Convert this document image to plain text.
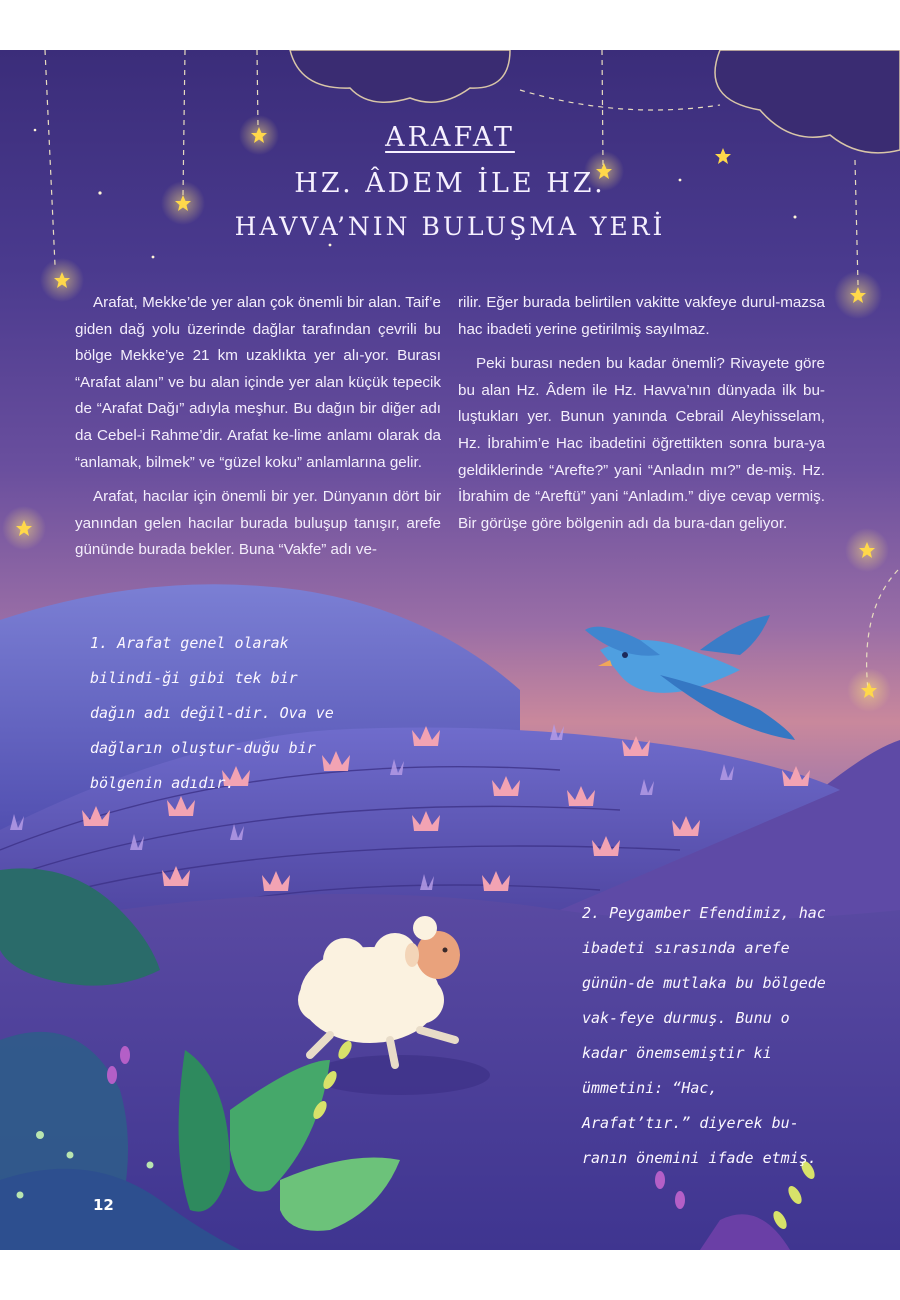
ARAFAT
HZ. ÂDEM İLE HZ.
HAVVA’NIN BULUŞMA YERİ

Arafat, Mekke’de yer alan çok önemli bir alan. Taif’e giden dağ yolu üzerinde dağlar tarafından çevrili bu bölge Mekke’ye 21 km uzaklıkta yer alı-yor. Burası “Arafat alanı” ve bu alan içinde yer alan küçük tepecik de “Arafat Dağı” adıyla meşhur. Bu dağın bir diğer adı da Cebel-i Rahme’dir. Arafat ke-lime anlamı olarak da “anlamak, bilmek” ve “güzel koku” anlamlarına gelir.

Arafat, hacılar için önemli bir yer. Dünyanın dört bir yanından gelen hacılar burada buluşup tanışır, arefe gününde burada bekler. Buna “Vakfe” adı ve-

rilir. Eğer burada belirtilen vakitte vakfeye durul-mazsa hac ibadeti yerine getirilmiş sayılmaz.

Peki burası neden bu kadar önemli? Rivayete göre bu alan Hz. Âdem ile Hz. Havva’nın dünyada ilk bu-luştukları yer. Bunun yanında Cebrail Aleyhisselam, Hz. İbrahim’e Hac ibadetini öğrettikten sonra bura-ya geldiklerinde “Arefte?” yani “Anladın mı?” de-miş. Hz. İbrahim de “Areftü” yani “Anladım.” diye cevap vermiş. Bir görüşe göre bölgenin adı da bura-dan geliyor.

1. Arafat genel olarak bilindi-ği gibi tek bir dağın adı değil-dir. Ova ve dağların oluştur-duğu bir bölgenin adıdır.
2. Peygamber Efendimiz, hac ibadeti sırasında arefe günün-de mutlaka bu bölgede vak-feye durmuş. Bunu o kadar önemsemiştir ki ümmetini: “Hac, Arafat’tır.” diyerek bu-ranın önemini ifade etmiş.
12
